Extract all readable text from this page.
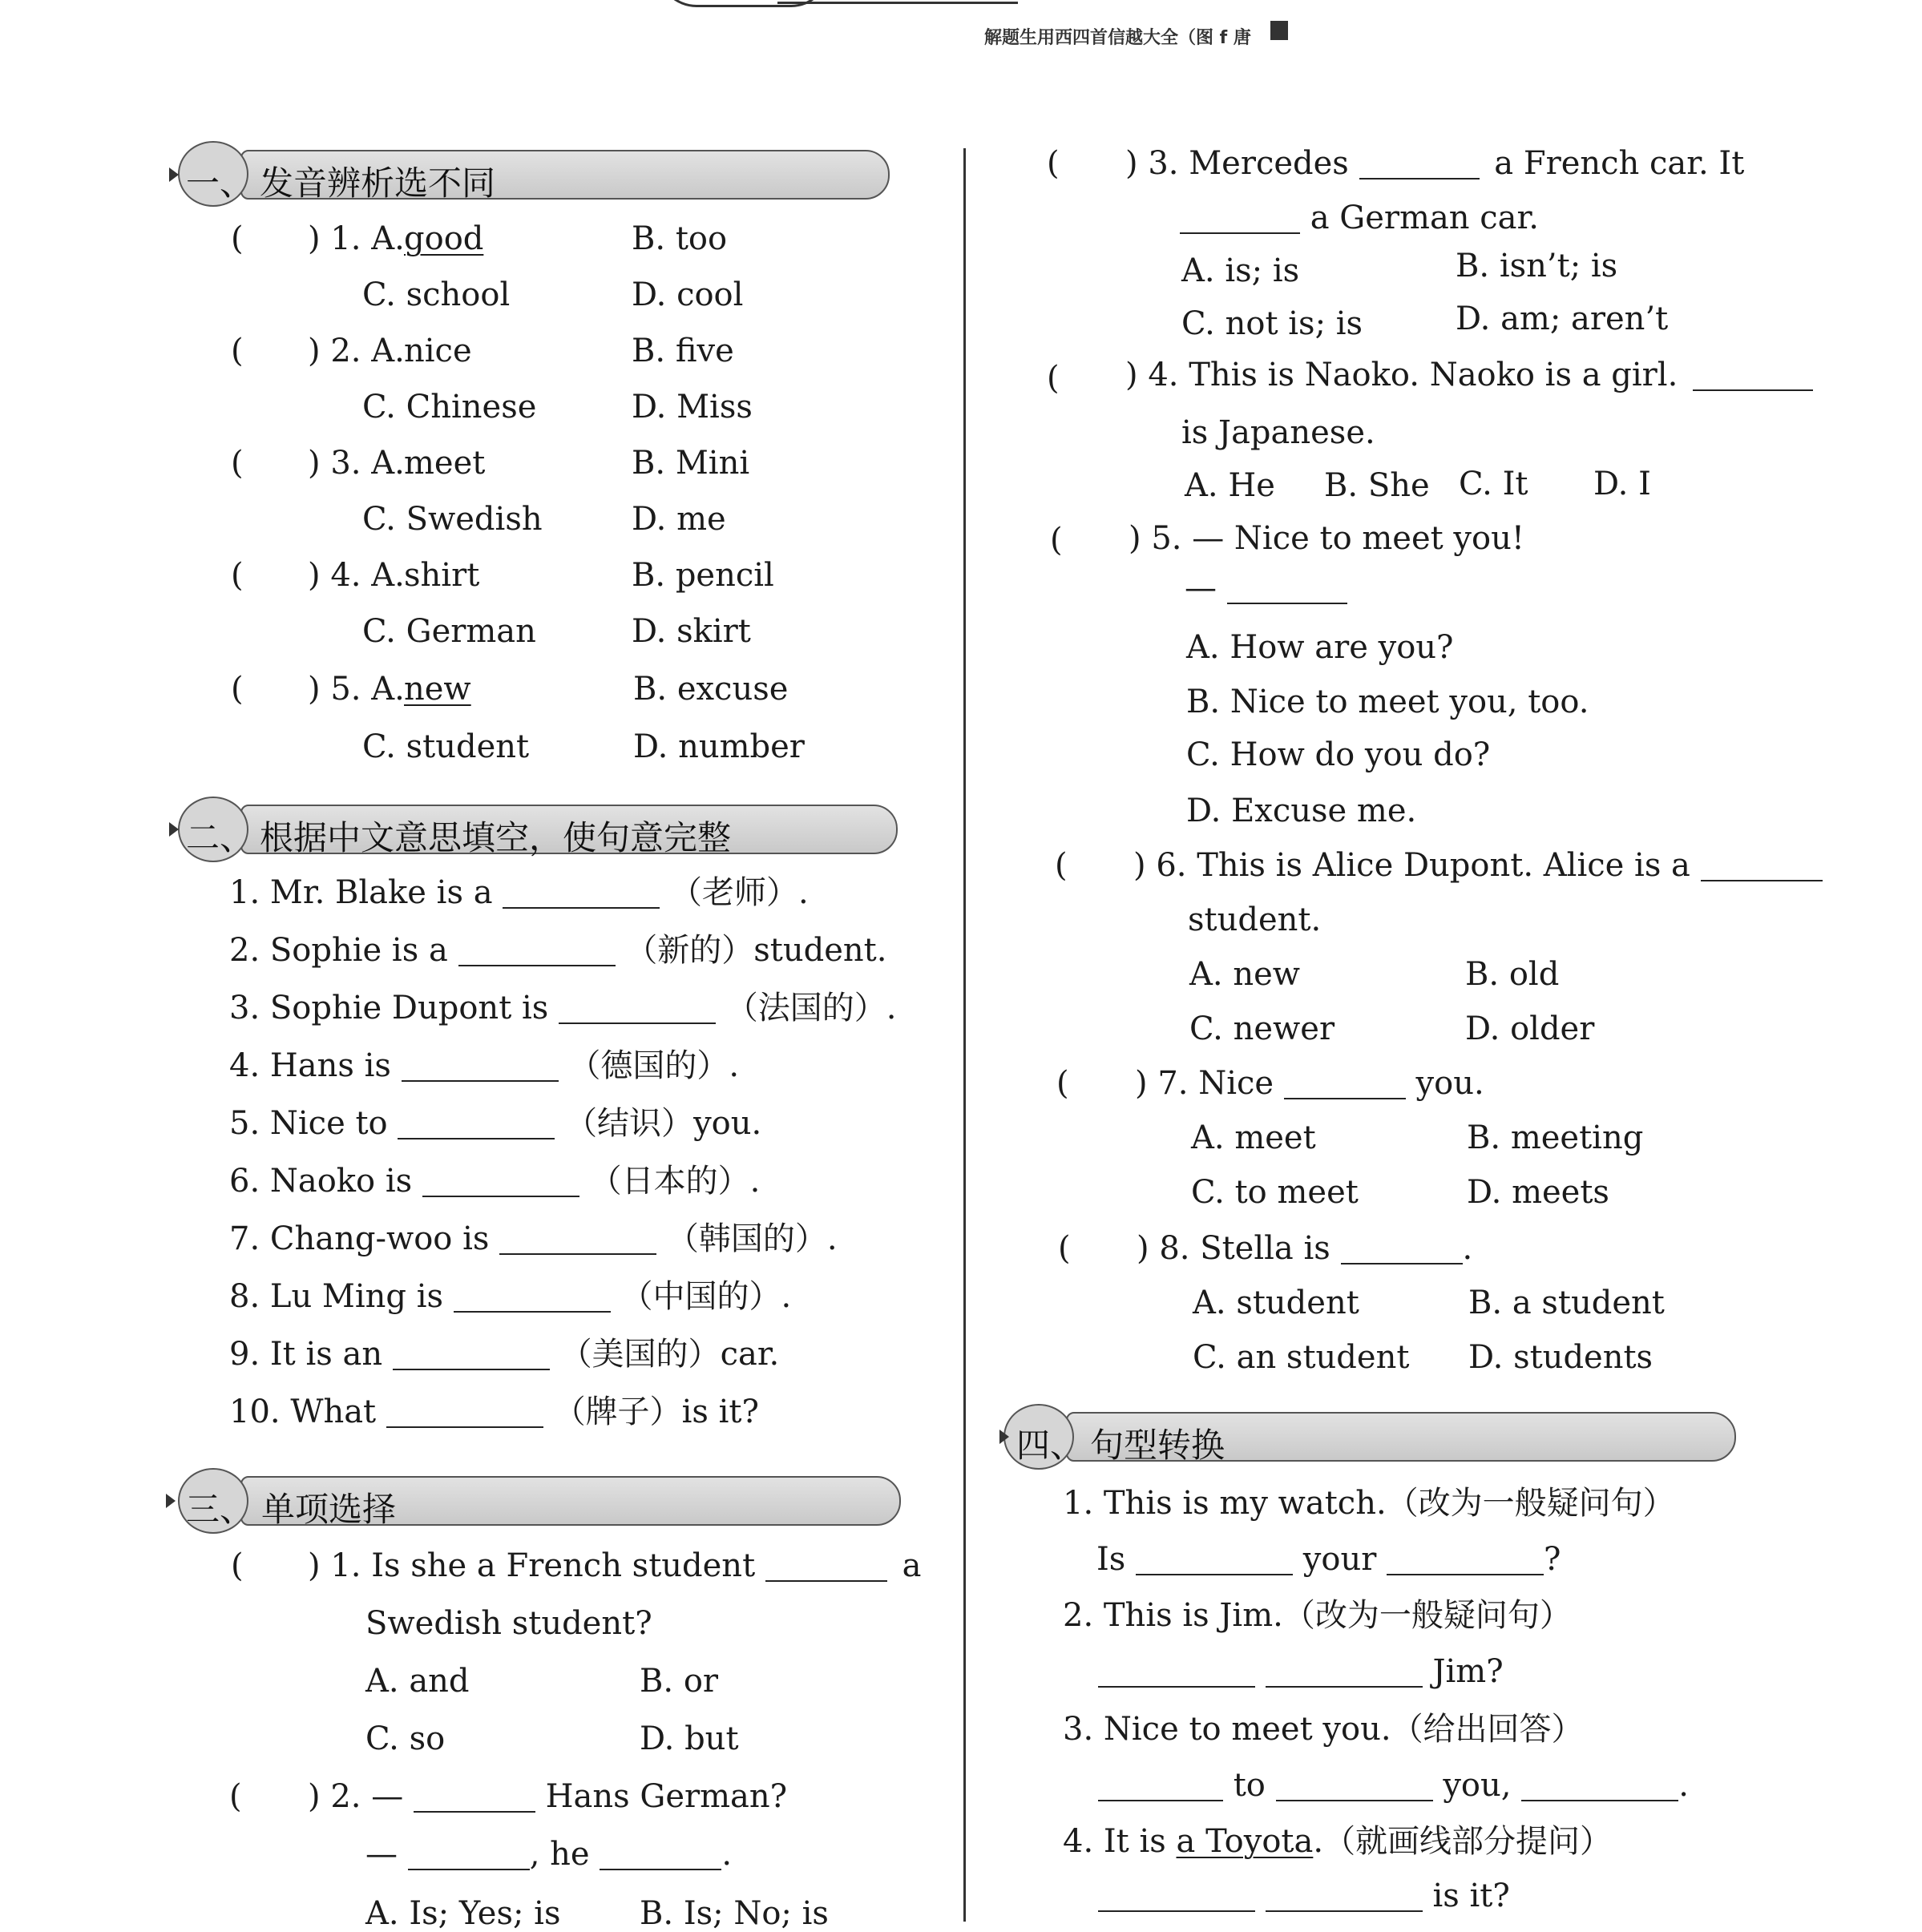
解题生用西四首信越大全（图 f 唐
一、 发音辨析选不同
( ) 1. A. good	B. too
C. school	D. cool
( ) 2. A. nice	B. five
C. Chinese	D. Miss
( ) 3. A. meet	B. Mini
C. Swedish	D. me
( ) 4. A. shirt	B. pencil
C. German	D. skirt
( ) 5. A. new	B. excuse
C. student	D. number
二、 根据中文意思填空，使句意完整
1. Mr. Blake is a	（老师）.
2. Sophie is a	（新的）student.
3. Sophie Dupont is	（法国的）.
4. Hans is	（德国的）.
5. Nice to	（结识）you.
6. Naoko is	（日本的）.
7. Chang-woo is	（韩国的）.
8. Lu Ming is	（中国的）.
9. It is an	（美国的）car.
10. What	（牌子）is it?
三、 单项选择
( ) 1. Is she a French student	a
Swedish student?
A. and	B. or
C. so	D. but
( ) 2. —	Hans German?
—	, he	.
A. Is; Yes; is B. Is; No; is
( ) 3. Mercedes	a French car. It
a German car.
A. is; is	B. isn’t; is
C. not is; is	D. am; aren’t
( ) 4. This is Naoko. Naoko is a girl.
is Japanese.
A. He B. She C. It D. I
( ) 5. — Nice to meet you!
—
A. How are you?
B. Nice to meet you, too.
C. How do you do?
D. Excuse me.
( ) 6. This is Alice Dupont. Alice is a
student.
A. new	B. old
C. newer	D. older
( ) 7. Nice	you.
A. meet	B. meeting
C. to meet	D. meets
( ) 8. Stella is	.
A. student	B. a student
C. an student D. students
四、 句型转换
1. This is my watch.（改为一般疑问句）
Is	your	?
2. This is Jim.（改为一般疑问句）
Jim?
3. Nice to meet you.（给出回答）
to	you,	.
4. It is a Toyota.（就画线部分提问）
is it?
